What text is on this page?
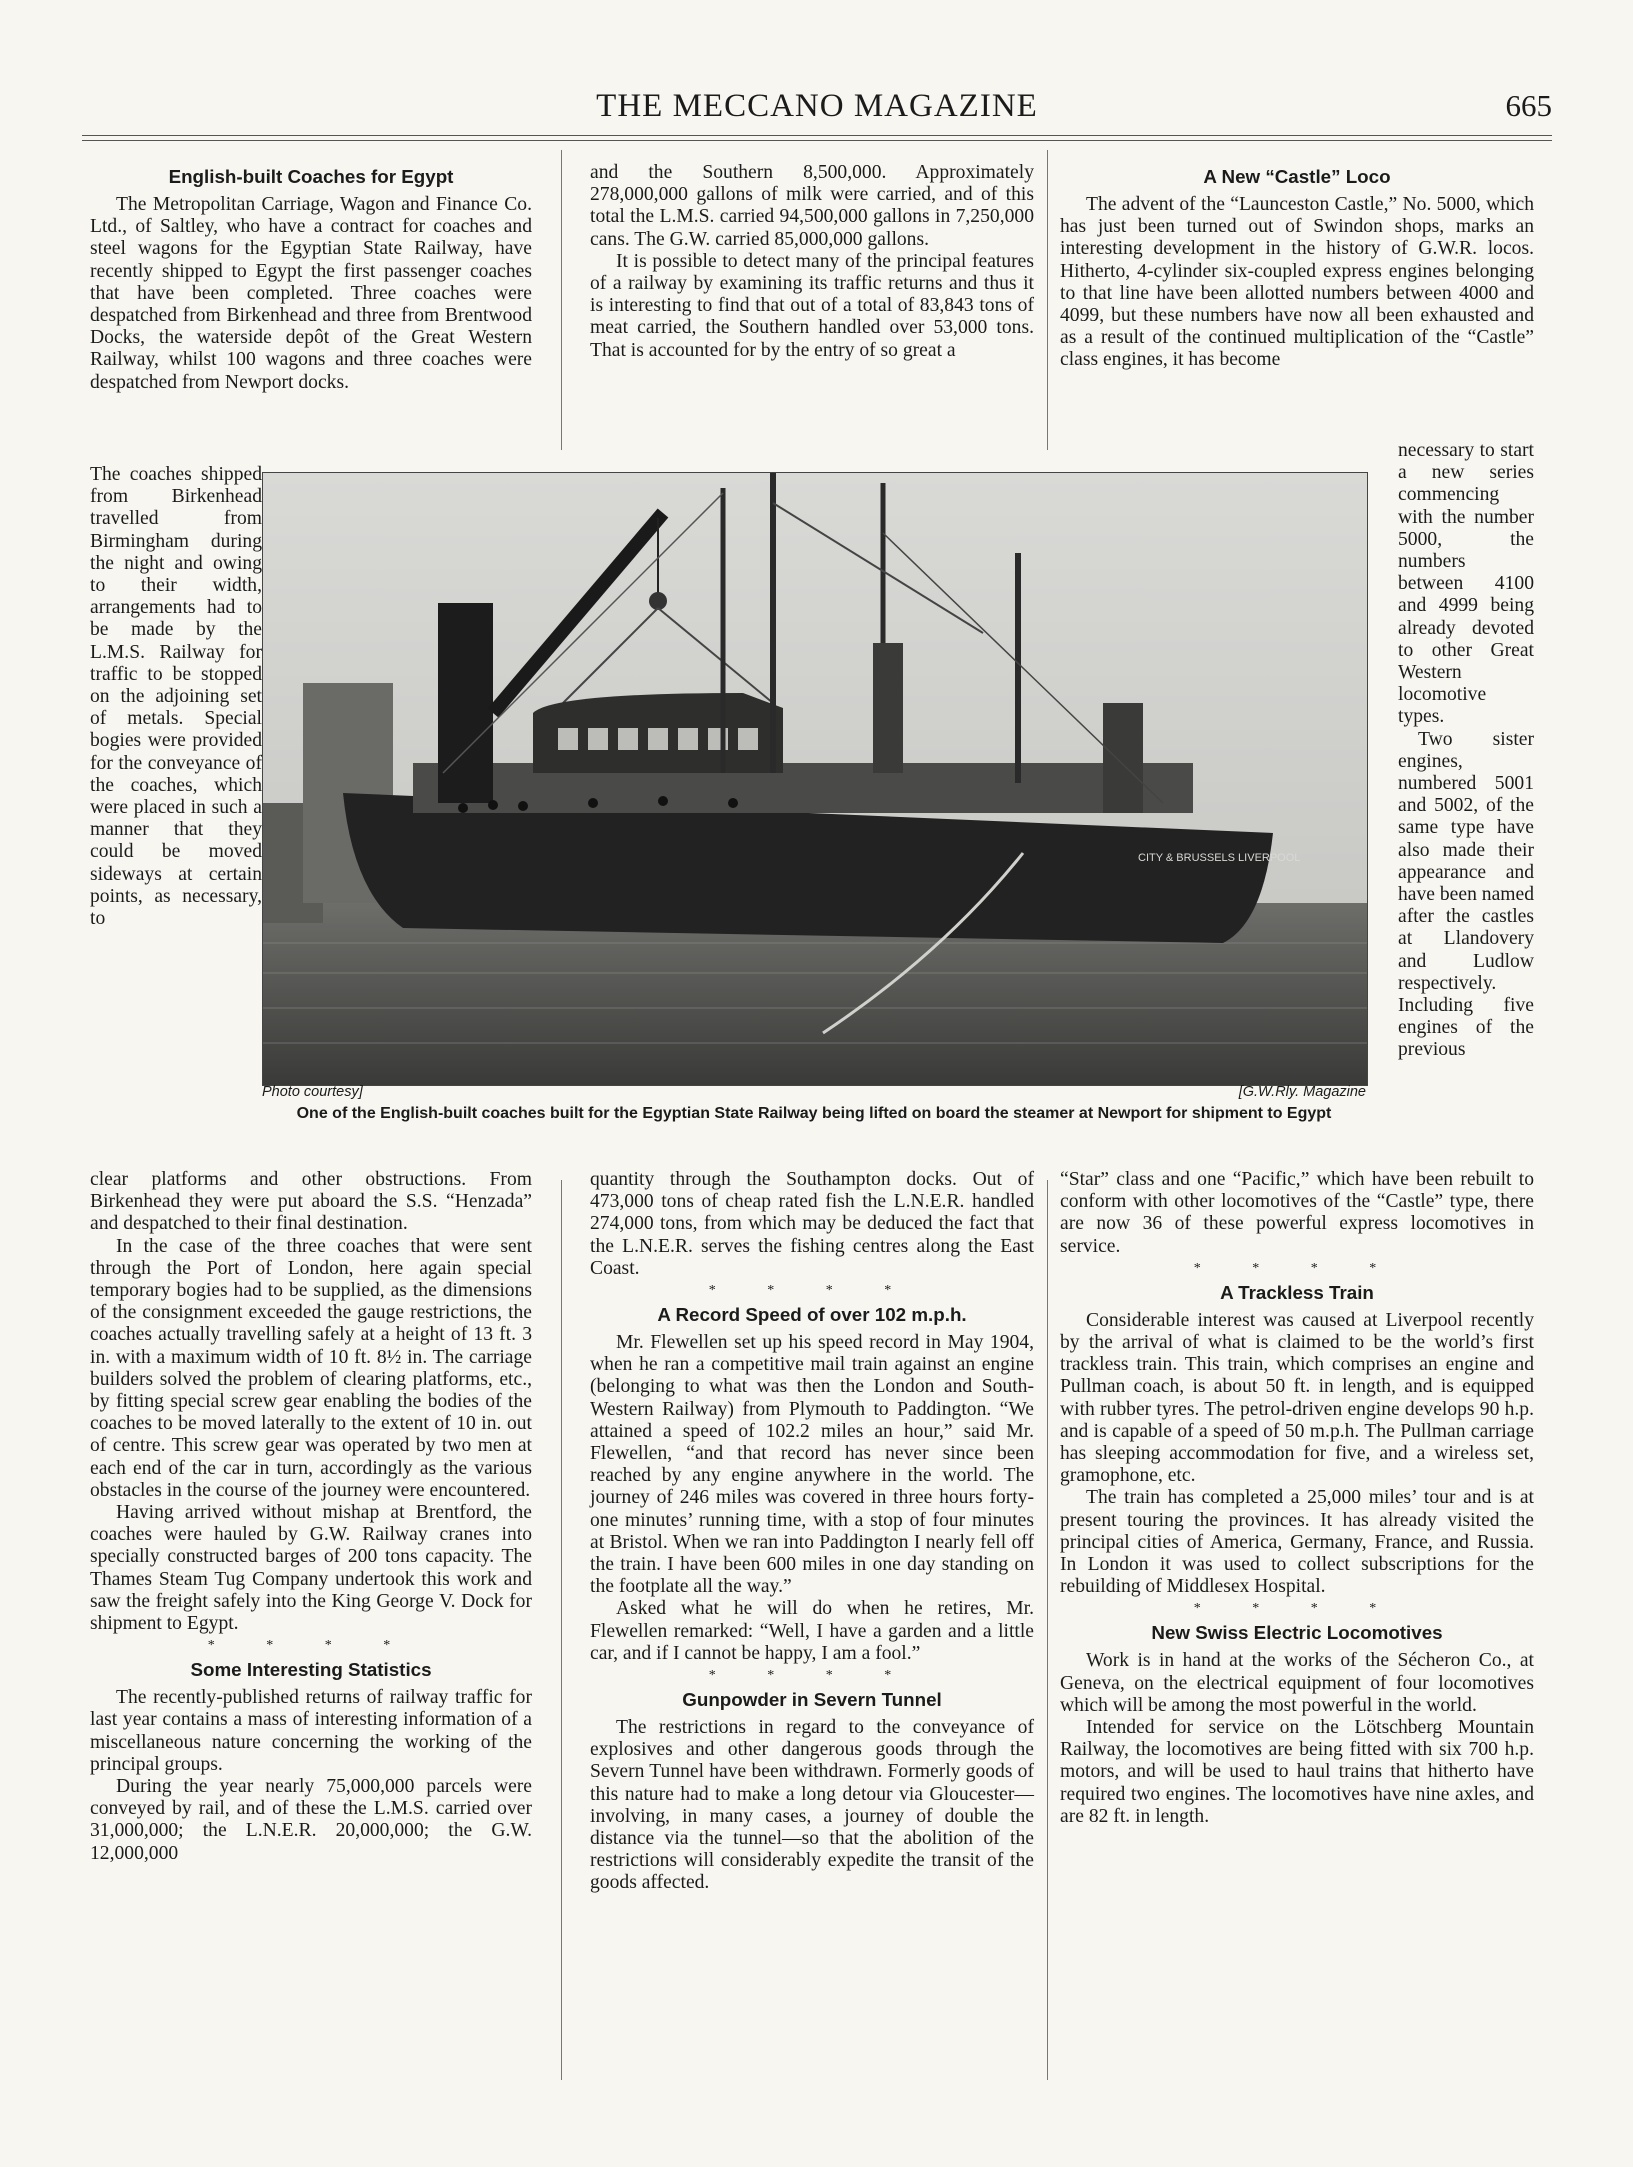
THE MECCANO MAGAZINE	665
English-built Coaches for Egypt

The Metropolitan Carriage, Wagon and Finance Co. Ltd., of Saltley, who have a contract for coaches and steel wagons for the Egyptian State Railway, have recently shipped to Egypt the first passenger coaches that have been completed. Three coaches were despatched from Birkenhead and three from Brentwood Docks, the waterside depôt of the Great Western Railway, whilst 100 wagons and three coaches were despatched from Newport docks.

The coaches shipped from Birkenhead travelled from Birmingham during the night and owing to their width, arrangements had to be made by the L.M.S. Railway for traffic to be stopped on the adjoining set of metals. Special bogies were provided for the conveyance of the coaches, which were placed in such a manner that they could be moved sideways at certain points, as necessary, to
CITY & BRUSSELS LIVERPOOL
Photo courtesy]	[G.W.Rly. Magazine
One of the English-built coaches built for the Egyptian State Railway being lifted on board the steamer at Newport for shipment to Egypt

clear platforms and other obstructions. From Birkenhead they were put aboard the S.S. “Henzada” and despatched to their final destination.

In the case of the three coaches that were sent through the Port of London, here again special temporary bogies had to be supplied, as the dimensions of the consignment exceeded the gauge restrictions, the coaches actually travelling safely at a height of 13 ft. 3 in. with a maximum width of 10 ft. 8½ in. The carriage builders solved the problem of clearing platforms, etc., by fitting special screw gear enabling the bodies of the coaches to be moved laterally to the extent of 10 in. out of centre. This screw gear was operated by two men at each end of the car in turn, accordingly as the various obstacles in the course of the journey were encountered.

Having arrived without mishap at Brentford, the coaches were hauled by G.W. Railway cranes into specially constructed barges of 200 tons capacity. The Thames Steam Tug Company undertook this work and saw the freight safely into the King George V. Dock for shipment to Egypt.

* * * *
Some Interesting Statistics

The recently-published returns of railway traffic for last year contains a mass of interesting information of a miscellaneous nature concerning the working of the principal groups.

During the year nearly 75,000,000 parcels were conveyed by rail, and of these the L.M.S. carried over 31,000,000; the L.N.E.R. 20,000,000; the G.W. 12,000,000

and the Southern 8,500,000. Approximately 278,000,000 gallons of milk were carried, and of this total the L.M.S. carried 94,500,000 gallons in 7,250,000 cans. The G.W. carried 85,000,000 gallons.

It is possible to detect many of the principal features of a railway by examining its traffic returns and thus it is interesting to find that out of a total of 83,843 tons of meat carried, the Southern handled over 53,000 tons. That is accounted for by the entry of so great a

quantity through the Southampton docks. Out of 473,000 tons of cheap rated fish the L.N.E.R. handled 274,000 tons, from which may be deduced the fact that the L.N.E.R. serves the fishing centres along the East Coast.

* * * *
A Record Speed of over 102 m.p.h.

Mr. Flewellen set up his speed record in May 1904, when he ran a competitive mail train against an engine (belonging to what was then the London and South-Western Railway) from Plymouth to Paddington. “We attained a speed of 102.2 miles an hour,” said Mr. Flewellen, “and that record has never since been reached by any engine anywhere in the world. The journey of 246 miles was covered in three hours forty-one minutes’ running time, with a stop of four minutes at Bristol. When we ran into Paddington I nearly fell off the train. I have been 600 miles in one day standing on the footplate all the way.”

Asked what he will do when he retires, Mr. Flewellen remarked: “Well, I have a garden and a little car, and if I cannot be happy, I am a fool.”

* * * *
Gunpowder in Severn Tunnel

The restrictions in regard to the conveyance of explosives and other dangerous goods through the Severn Tunnel have been withdrawn. Formerly goods of this nature had to make a long detour via Gloucester—involving, in many cases, a journey of double the distance via the tunnel—so that the abolition of the restrictions will considerably expedite the transit of the goods affected.

A New “Castle” Loco

The advent of the “Launceston Castle,” No. 5000, which has just been turned out of Swindon shops, marks an interesting development in the history of G.W.R. locos. Hitherto, 4-cylinder six-coupled express engines belonging to that line have been allotted numbers between 4000 and 4099, but these numbers have now all been exhausted and as a result of the continued multiplication of the “Castle” class engines, it has become

necessary to start a new series commencing with the number 5000, the numbers between 4100 and 4999 being already devoted to other Great Western locomotive types.
Two sister engines, numbered 5001 and 5002, of the same type have also made their appearance and have been named after the castles at Llandovery and Ludlow respectively. Including five engines of the previous

“Star” class and one “Pacific,” which have been rebuilt to conform with other locomotives of the “Castle” type, there are now 36 of these powerful express locomotives in service.

* * * *
A Trackless Train

Considerable interest was caused at Liverpool recently by the arrival of what is claimed to be the world’s first trackless train. This train, which comprises an engine and Pullman coach, is about 50 ft. in length, and is equipped with rubber tyres. The petrol-driven engine develops 90 h.p. and is capable of a speed of 50 m.p.h. The Pullman carriage has sleeping accommodation for five, and a wireless set, gramophone, etc.

The train has completed a 25,000 miles’ tour and is at present touring the provinces. It has already visited the principal cities of America, Germany, France, and Russia. In London it was used to collect subscriptions for the rebuilding of Middlesex Hospital.

* * * *
New Swiss Electric Locomotives

Work is in hand at the works of the Sécheron Co., at Geneva, on the electrical equipment of four locomotives which will be among the most powerful in the world.

Intended for service on the Lötschberg Mountain Railway, the locomotives are being fitted with six 700 h.p. motors, and will be used to haul trains that hitherto have required two engines. The locomotives have nine axles, and are 82 ft. in length.
